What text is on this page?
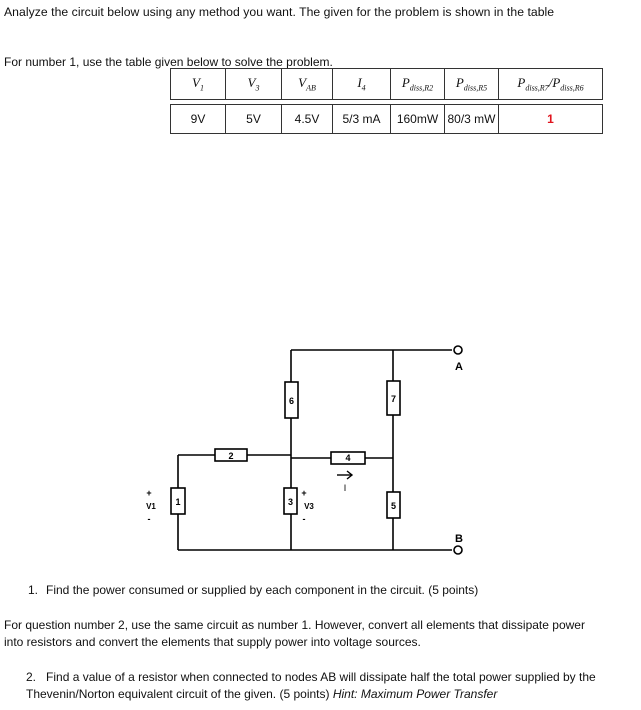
Analyze the circuit below using any method you want. The given for the problem is shown in the table
For number 1, use the table given below to solve the problem.
$V_1$	$V_3$	$V_{AB}$	$I_4$	$P_{diss,R2}$	$P_{diss,R5}$	$P_{diss,R7}/P_{diss,R6}$

9V	5V	4.5V	5/3 mA	160mW	80/3 mW	1
1
2
6
3
4
7
5
+
V1
-
+
V3
-
I
A
B
1. Find the power consumed or supplied by each component in the circuit. (5 points)
For question number 2, use the same circuit as number 1. However, convert all elements that dissipate power into resistors and convert the elements that supply power into voltage sources.
2. Find a value of a resistor when connected to nodes AB will dissipate half the total power supplied by the Thevenin/Norton equivalent circuit of the given. (5 points) Hint: Maximum Power Transfer
